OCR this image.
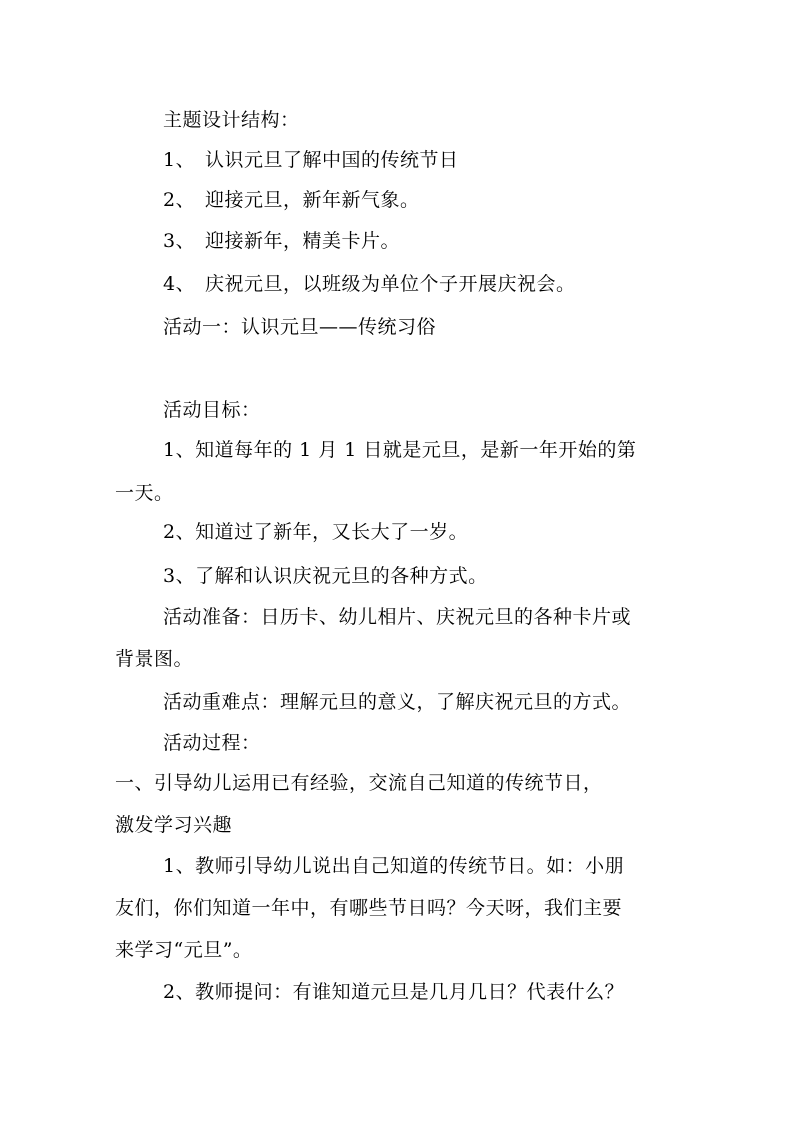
主题设计结构：
1、 认识元旦了解中国的传统节日
2、 迎接元旦，新年新气象。
3、 迎接新年，精美卡片。
4、 庆祝元旦，以班级为单位个子开展庆祝会。
活动一：认识元旦——传统习俗
活动目标：
1、知道每年的 1 月 1 日就是元旦，是新一年开始的第
一天。
2、知道过了新年，又长大了一岁。
3、了解和认识庆祝元旦的各种方式。
活动准备：日历卡、幼儿相片、庆祝元旦的各种卡片或
背景图。
活动重难点：理解元旦的意义，了解庆祝元旦的方式。
活动过程：
一、引导幼儿运用已有经验，交流自己知道的传统节日，
激发学习兴趣
1、教师引导幼儿说出自己知道的传统节日。如：小朋
友们，你们知道一年中，有哪些节日吗？今天呀，我们主要
来学习“元旦”。
2、教师提问：有谁知道元旦是几月几日？代表什么？
